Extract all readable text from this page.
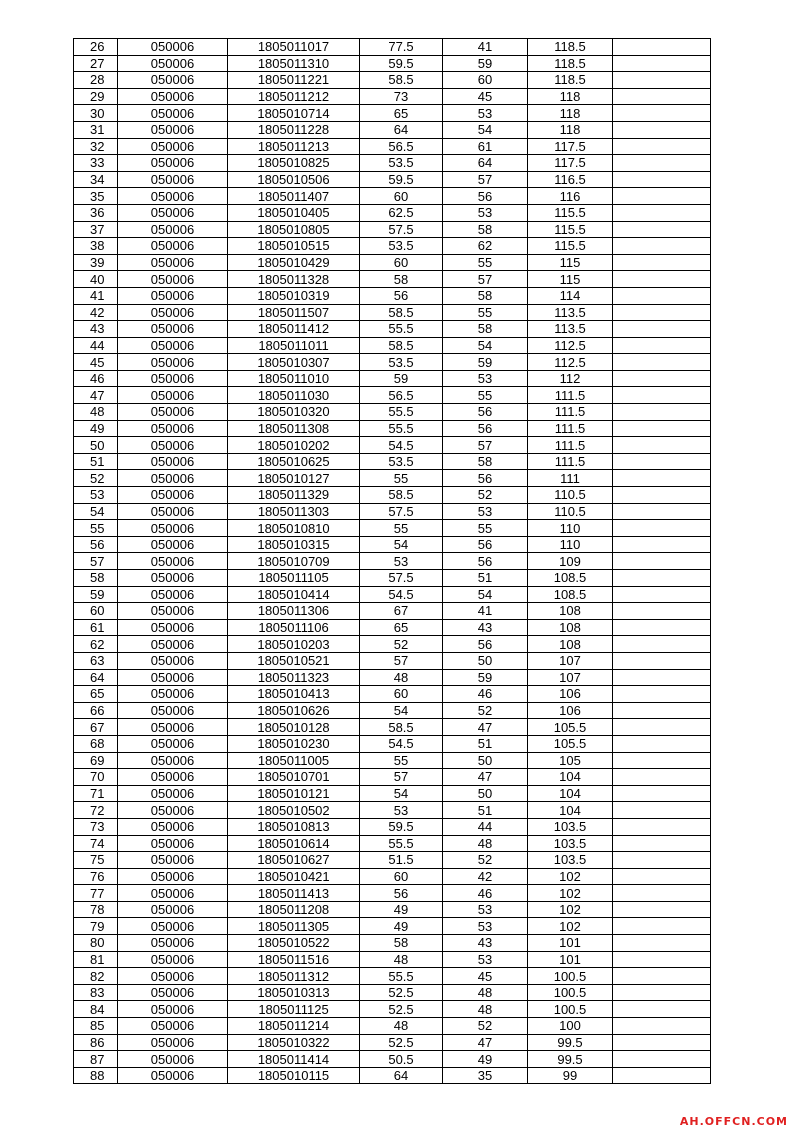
26	050006	1805011017	77.5	41	118.5	
27	050006	1805011310	59.5	59	118.5	
28	050006	1805011221	58.5	60	118.5	
29	050006	1805011212	73	45	118	
30	050006	1805010714	65	53	118	
31	050006	1805011228	64	54	118	
32	050006	1805011213	56.5	61	117.5	
33	050006	1805010825	53.5	64	117.5	
34	050006	1805010506	59.5	57	116.5	
35	050006	1805011407	60	56	116	
36	050006	1805010405	62.5	53	115.5	
37	050006	1805010805	57.5	58	115.5	
38	050006	1805010515	53.5	62	115.5	
39	050006	1805010429	60	55	115	
40	050006	1805011328	58	57	115	
41	050006	1805010319	56	58	114	
42	050006	1805011507	58.5	55	113.5	
43	050006	1805011412	55.5	58	113.5	
44	050006	1805011011	58.5	54	112.5	
45	050006	1805010307	53.5	59	112.5	
46	050006	1805011010	59	53	112	
47	050006	1805011030	56.5	55	111.5	
48	050006	1805010320	55.5	56	111.5	
49	050006	1805011308	55.5	56	111.5	
50	050006	1805010202	54.5	57	111.5	
51	050006	1805010625	53.5	58	111.5	
52	050006	1805010127	55	56	111	
53	050006	1805011329	58.5	52	110.5	
54	050006	1805011303	57.5	53	110.5	
55	050006	1805010810	55	55	110	
56	050006	1805010315	54	56	110	
57	050006	1805010709	53	56	109	
58	050006	1805011105	57.5	51	108.5	
59	050006	1805010414	54.5	54	108.5	
60	050006	1805011306	67	41	108	
61	050006	1805011106	65	43	108	
62	050006	1805010203	52	56	108	
63	050006	1805010521	57	50	107	
64	050006	1805011323	48	59	107	
65	050006	1805010413	60	46	106	
66	050006	1805010626	54	52	106	
67	050006	1805010128	58.5	47	105.5	
68	050006	1805010230	54.5	51	105.5	
69	050006	1805011005	55	50	105	
70	050006	1805010701	57	47	104	
71	050006	1805010121	54	50	104	
72	050006	1805010502	53	51	104	
73	050006	1805010813	59.5	44	103.5	
74	050006	1805010614	55.5	48	103.5	
75	050006	1805010627	51.5	52	103.5	
76	050006	1805010421	60	42	102	
77	050006	1805011413	56	46	102	
78	050006	1805011208	49	53	102	
79	050006	1805011305	49	53	102	
80	050006	1805010522	58	43	101	
81	050006	1805011516	48	53	101	
82	050006	1805011312	55.5	45	100.5	
83	050006	1805010313	52.5	48	100.5	
84	050006	1805011125	52.5	48	100.5	
85	050006	1805011214	48	52	100	
86	050006	1805010322	52.5	47	99.5	
87	050006	1805011414	50.5	49	99.5	
88	050006	1805010115	64	35	99	
AH.OFFCN.COM
